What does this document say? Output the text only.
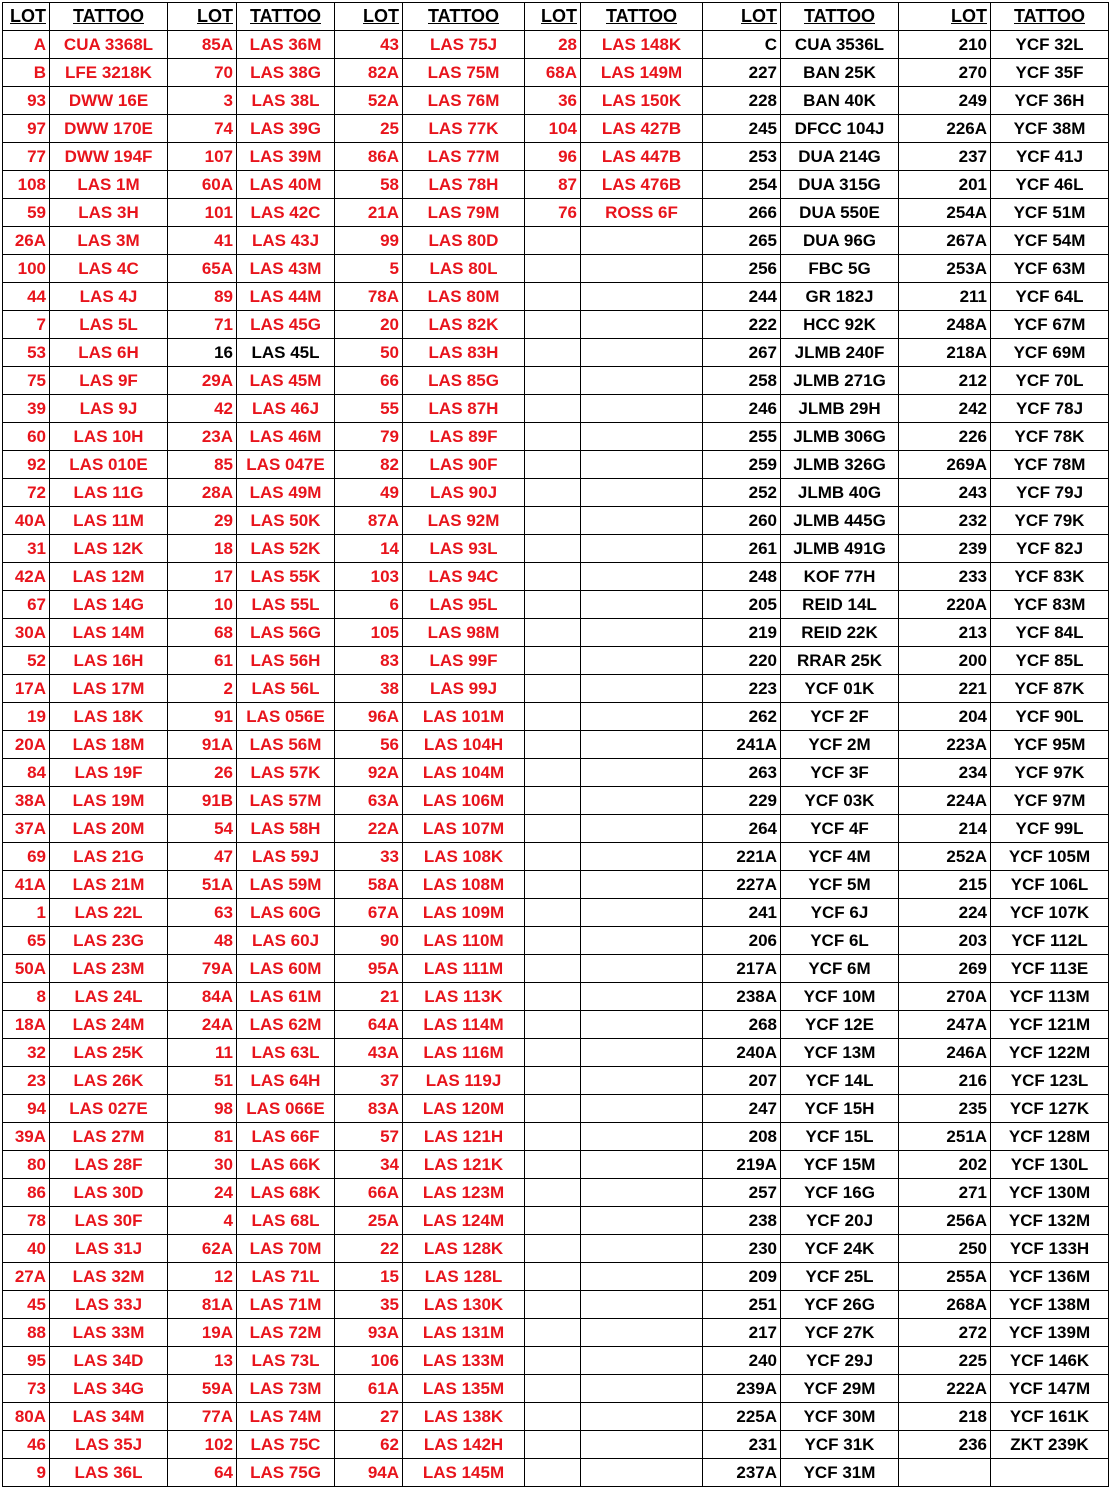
LOT	TATTOO	LOT	TATTOO	LOT	TATTOO	LOT	TATTOO	LOT	TATTOO	LOT	TATTOO
A	CUA 3368L	85A	LAS 36M	43	LAS 75J	28	LAS 148K	C	CUA 3536L	210	YCF 32L
B	LFE 3218K	70	LAS 38G	82A	LAS 75M	68A	LAS 149M	227	BAN 25K	270	YCF 35F
93	DWW 16E	3	LAS 38L	52A	LAS 76M	36	LAS 150K	228	BAN 40K	249	YCF 36H
97	DWW 170E	74	LAS 39G	25	LAS 77K	104	LAS 427B	245	DFCC 104J	226A	YCF 38M
77	DWW 194F	107	LAS 39M	86A	LAS 77M	96	LAS 447B	253	DUA 214G	237	YCF 41J
108	LAS 1M	60A	LAS 40M	58	LAS 78H	87	LAS 476B	254	DUA 315G	201	YCF 46L
59	LAS 3H	101	LAS 42C	21A	LAS 79M	76	ROSS 6F	266	DUA 550E	254A	YCF 51M
26A	LAS 3M	41	LAS 43J	99	LAS 80D			265	DUA 96G	267A	YCF 54M
100	LAS 4C	65A	LAS 43M	5	LAS 80L			256	FBC 5G	253A	YCF 63M
44	LAS 4J	89	LAS 44M	78A	LAS 80M			244	GR 182J	211	YCF 64L
7	LAS 5L	71	LAS 45G	20	LAS 82K			222	HCC 92K	248A	YCF 67M
53	LAS 6H	16	LAS 45L	50	LAS 83H			267	JLMB 240F	218A	YCF 69M
75	LAS 9F	29A	LAS 45M	66	LAS 85G			258	JLMB 271G	212	YCF 70L
39	LAS 9J	42	LAS 46J	55	LAS 87H			246	JLMB 29H	242	YCF 78J
60	LAS 10H	23A	LAS 46M	79	LAS 89F			255	JLMB 306G	226	YCF 78K
92	LAS 010E	85	LAS 047E	82	LAS 90F			259	JLMB 326G	269A	YCF 78M
72	LAS 11G	28A	LAS 49M	49	LAS 90J			252	JLMB 40G	243	YCF 79J
40A	LAS 11M	29	LAS 50K	87A	LAS 92M			260	JLMB 445G	232	YCF 79K
31	LAS 12K	18	LAS 52K	14	LAS 93L			261	JLMB 491G	239	YCF 82J
42A	LAS 12M	17	LAS 55K	103	LAS 94C			248	KOF 77H	233	YCF 83K
67	LAS 14G	10	LAS 55L	6	LAS 95L			205	REID 14L	220A	YCF 83M
30A	LAS 14M	68	LAS 56G	105	LAS 98M			219	REID 22K	213	YCF 84L
52	LAS 16H	61	LAS 56H	83	LAS 99F			220	RRAR 25K	200	YCF 85L
17A	LAS 17M	2	LAS 56L	38	LAS 99J			223	YCF 01K	221	YCF 87K
19	LAS 18K	91	LAS 056E	96A	LAS 101M			262	YCF 2F	204	YCF 90L
20A	LAS 18M	91A	LAS 56M	56	LAS 104H			241A	YCF 2M	223A	YCF 95M
84	LAS 19F	26	LAS 57K	92A	LAS 104M			263	YCF 3F	234	YCF 97K
38A	LAS 19M	91B	LAS 57M	63A	LAS 106M			229	YCF 03K	224A	YCF 97M
37A	LAS 20M	54	LAS 58H	22A	LAS 107M			264	YCF 4F	214	YCF 99L
69	LAS 21G	47	LAS 59J	33	LAS 108K			221A	YCF 4M	252A	YCF 105M
41A	LAS 21M	51A	LAS 59M	58A	LAS 108M			227A	YCF 5M	215	YCF 106L
1	LAS 22L	63	LAS 60G	67A	LAS 109M			241	YCF 6J	224	YCF 107K
65	LAS 23G	48	LAS 60J	90	LAS 110M			206	YCF 6L	203	YCF 112L
50A	LAS 23M	79A	LAS 60M	95A	LAS 111M			217A	YCF 6M	269	YCF 113E
8	LAS 24L	84A	LAS 61M	21	LAS 113K			238A	YCF 10M	270A	YCF 113M
18A	LAS 24M	24A	LAS 62M	64A	LAS 114M			268	YCF 12E	247A	YCF 121M
32	LAS 25K	11	LAS 63L	43A	LAS 116M			240A	YCF 13M	246A	YCF 122M
23	LAS 26K	51	LAS 64H	37	LAS 119J			207	YCF 14L	216	YCF 123L
94	LAS 027E	98	LAS 066E	83A	LAS 120M			247	YCF 15H	235	YCF 127K
39A	LAS 27M	81	LAS 66F	57	LAS 121H			208	YCF 15L	251A	YCF 128M
80	LAS 28F	30	LAS 66K	34	LAS 121K			219A	YCF 15M	202	YCF 130L
86	LAS 30D	24	LAS 68K	66A	LAS 123M			257	YCF 16G	271	YCF 130M
78	LAS 30F	4	LAS 68L	25A	LAS 124M			238	YCF 20J	256A	YCF 132M
40	LAS 31J	62A	LAS 70M	22	LAS 128K			230	YCF 24K	250	YCF 133H
27A	LAS 32M	12	LAS 71L	15	LAS 128L			209	YCF 25L	255A	YCF 136M
45	LAS 33J	81A	LAS 71M	35	LAS 130K			251	YCF 26G	268A	YCF 138M
88	LAS 33M	19A	LAS 72M	93A	LAS 131M			217	YCF 27K	272	YCF 139M
95	LAS 34D	13	LAS 73L	106	LAS 133M			240	YCF 29J	225	YCF 146K
73	LAS 34G	59A	LAS 73M	61A	LAS 135M			239A	YCF 29M	222A	YCF 147M
80A	LAS 34M	77A	LAS 74M	27	LAS 138K			225A	YCF 30M	218	YCF 161K
46	LAS 35J	102	LAS 75C	62	LAS 142H			231	YCF 31K	236	ZKT 239K
9	LAS 36L	64	LAS 75G	94A	LAS 145M			237A	YCF 31M		
